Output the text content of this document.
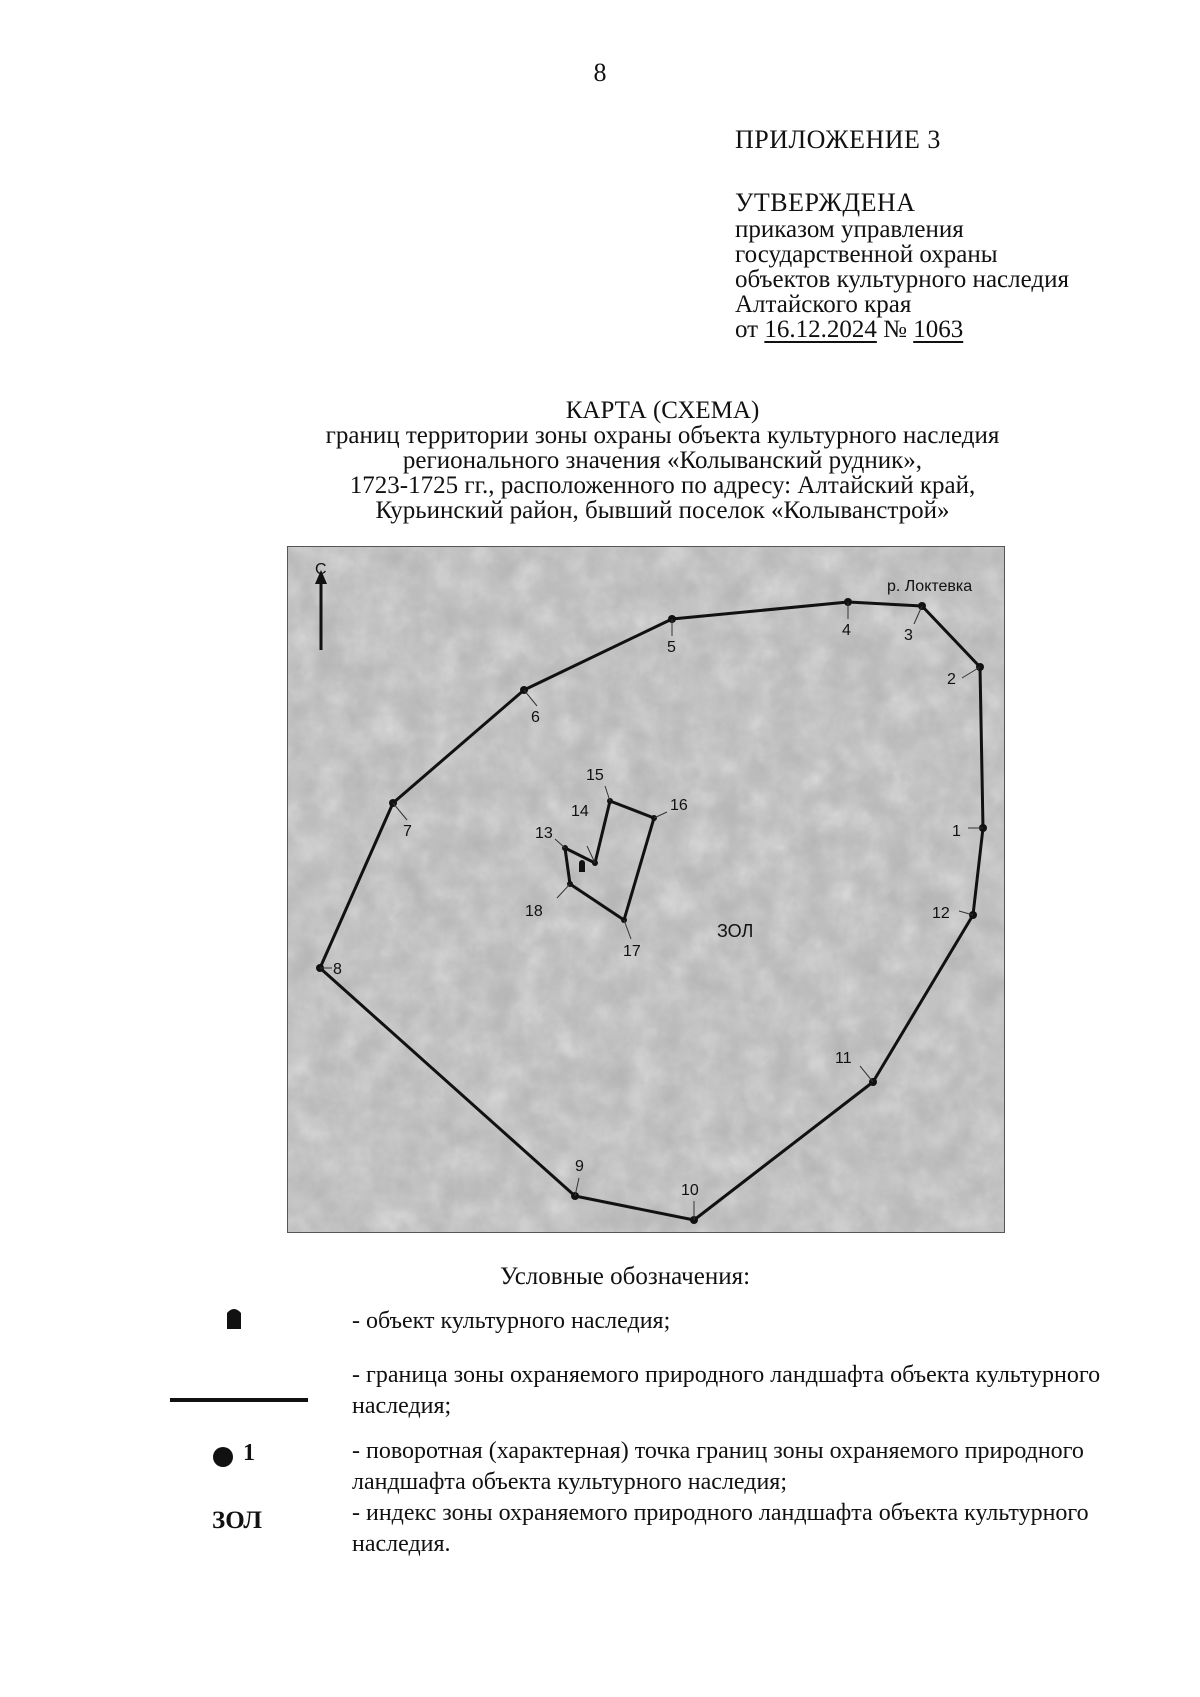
8
ПРИЛОЖЕНИЕ 3
УТВЕРЖДЕНА
приказом управления
государственной охраны
объектов культурного наследия
Алтайского края
от 16.12.2024 № 1063
КАРТА (СХЕМА)
границ территории зоны охраны объекта культурного наследия
регионального значения «Колыванский рудник»,
1723-1725 гг., расположенного по адресу: Алтайский край,
Курьинский район, бывший поселок «Колыванстрой»
С
р. Локтевка
1
2
3
4
5
6
7
8
9
10
11
12
13
14
15
16
17
18
ЗОЛ
Условные обозначения:
- объект культурного наследия;
- граница зоны охраняемого природного ландшафта объекта культурного наследия;
1	- поворотная (характерная) точка границ зоны охраняемого природного ландшафта объекта культурного наследия;
ЗОЛ	- индекс зоны охраняемого природного ландшафта объекта культурного наследия.
